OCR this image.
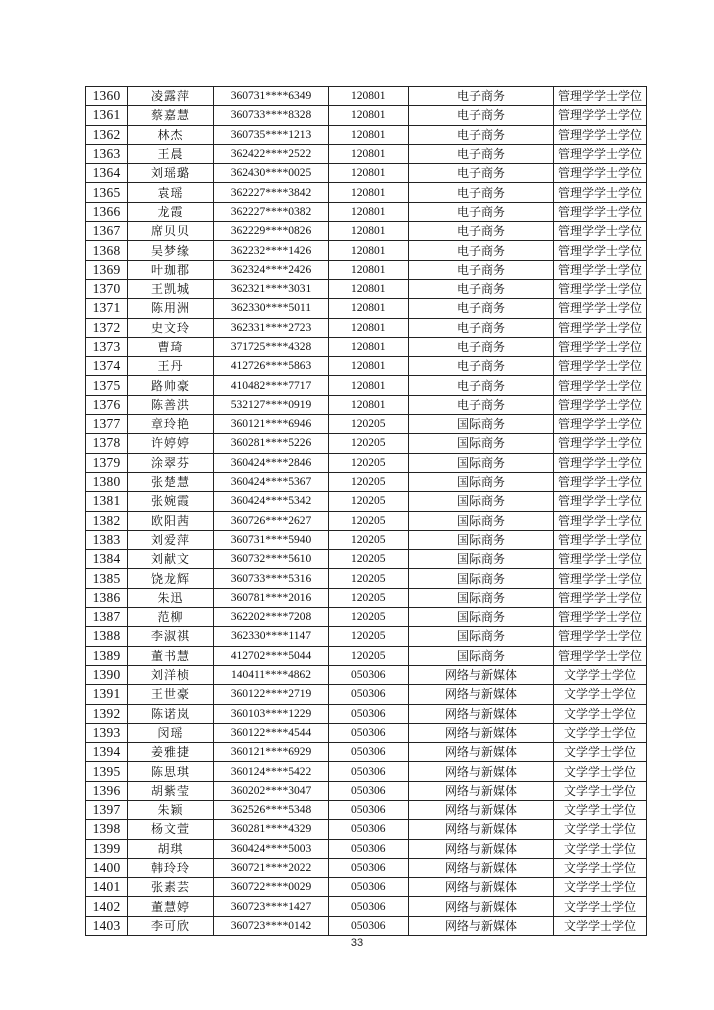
1360	凌露萍	360731****6349	120801	电子商务	管理学学士学位
1361	蔡嘉慧	360733****8328	120801	电子商务	管理学学士学位
1362	林杰	360735****1213	120801	电子商务	管理学学士学位
1363	王晨	362422****2522	120801	电子商务	管理学学士学位
1364	刘瑶璐	362430****0025	120801	电子商务	管理学学士学位
1365	袁瑶	362227****3842	120801	电子商务	管理学学士学位
1366	龙霞	362227****0382	120801	电子商务	管理学学士学位
1367	席贝贝	362229****0826	120801	电子商务	管理学学士学位
1368	吴梦缘	362232****1426	120801	电子商务	管理学学士学位
1369	叶珈郡	362324****2426	120801	电子商务	管理学学士学位
1370	王凯城	362321****3031	120801	电子商务	管理学学士学位
1371	陈用洲	362330****5011	120801	电子商务	管理学学士学位
1372	史文玲	362331****2723	120801	电子商务	管理学学士学位
1373	曹琦	371725****4328	120801	电子商务	管理学学士学位
1374	王丹	412726****5863	120801	电子商务	管理学学士学位
1375	路帅豪	410482****7717	120801	电子商务	管理学学士学位
1376	陈善洪	532127****0919	120801	电子商务	管理学学士学位
1377	章玲艳	360121****6946	120205	国际商务	管理学学士学位
1378	许婷婷	360281****5226	120205	国际商务	管理学学士学位
1379	涂翠芬	360424****2846	120205	国际商务	管理学学士学位
1380	张楚慧	360424****5367	120205	国际商务	管理学学士学位
1381	张婉霞	360424****5342	120205	国际商务	管理学学士学位
1382	欧阳茜	360726****2627	120205	国际商务	管理学学士学位
1383	刘爱萍	360731****5940	120205	国际商务	管理学学士学位
1384	刘献文	360732****5610	120205	国际商务	管理学学士学位
1385	饶龙辉	360733****5316	120205	国际商务	管理学学士学位
1386	朱迅	360781****2016	120205	国际商务	管理学学士学位
1387	范柳	362202****7208	120205	国际商务	管理学学士学位
1388	李淑祺	362330****1147	120205	国际商务	管理学学士学位
1389	董书慧	412702****5044	120205	国际商务	管理学学士学位
1390	刘洋桢	140411****4862	050306	网络与新媒体	文学学士学位
1391	王世豪	360122****2719	050306	网络与新媒体	文学学士学位
1392	陈诺岚	360103****1229	050306	网络与新媒体	文学学士学位
1393	闵瑶	360122****4544	050306	网络与新媒体	文学学士学位
1394	姜雅捷	360121****6929	050306	网络与新媒体	文学学士学位
1395	陈思琪	360124****5422	050306	网络与新媒体	文学学士学位
1396	胡紫莹	360202****3047	050306	网络与新媒体	文学学士学位
1397	朱颖	362526****5348	050306	网络与新媒体	文学学士学位
1398	杨文萱	360281****4329	050306	网络与新媒体	文学学士学位
1399	胡琪	360424****5003	050306	网络与新媒体	文学学士学位
1400	韩玲玲	360721****2022	050306	网络与新媒体	文学学士学位
1401	张素芸	360722****0029	050306	网络与新媒体	文学学士学位
1402	董慧婷	360723****1427	050306	网络与新媒体	文学学士学位
1403	李可欣	360723****0142	050306	网络与新媒体	文学学士学位
33
